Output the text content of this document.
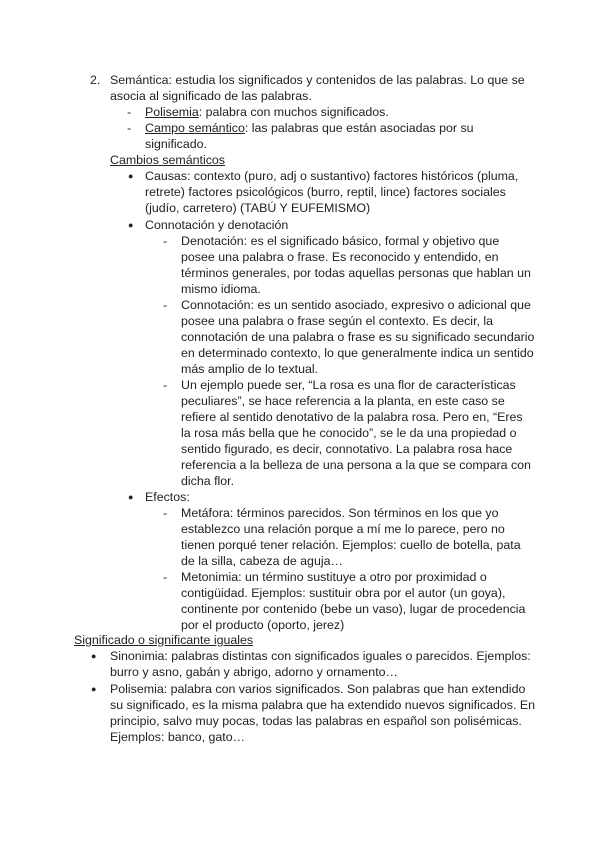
2. Semántica: estudia los significados y contenidos de las palabras. Lo que se
asocia al significado de las palabras.
- Polisemia: palabra con muchos significados.
- Campo semántico: las palabras que están asociadas por su
significado.
Cambios semánticos
● Causas: contexto (puro, adj o sustantivo) factores históricos (pluma,
retrete) factores psicológicos (burro, reptil, lince) factores sociales
(judío, carretero) (TABÚ Y EUFEMISMO)
● Connotación y denotación
- Denotación: es el significado básico, formal y objetivo que
posee una palabra o frase. Es reconocido y entendido, en
términos generales, por todas aquellas personas que hablan un
mismo idioma.
- Connotación: es un sentido asociado, expresivo o adicional que
posee una palabra o frase según el contexto. Es decir, la
connotación de una palabra o frase es su significado secundario
en determinado contexto, lo que generalmente indica un sentido
más amplio de lo textual.
- Un ejemplo puede ser, “La rosa es una flor de características
peculiares”, se hace referencia a la planta, en este caso se
refiere al sentido denotativo de la palabra rosa. Pero en, “Eres
la rosa más bella que he conocido”, se le da una propiedad o
sentido figurado, es decir, connotativo. La palabra rosa hace
referencia a la belleza de una persona a la que se compara con
dicha flor.
● Efectos:
- Metáfora: términos parecidos. Son términos en los que yo
establezco una relación porque a mí me lo parece, pero no
tienen porqué tener relación. Ejemplos: cuello de botella, pata
de la silla, cabeza de aguja…
- Metonimia: un término sustituye a otro por proximidad o
contigüidad. Ejemplos: sustituir obra por el autor (un goya),
continente por contenido (bebe un vaso), lugar de procedencia
por el producto (oporto, jerez)
Significado o significante iguales
● Sinonimia: palabras distintas con significados iguales o parecidos. Ejemplos:
burro y asno, gabán y abrigo, adorno y ornamento…
● Polisemia: palabra con varios significados. Son palabras que han extendido
su significado, es la misma palabra que ha extendido nuevos significados. En
principio, salvo muy pocas, todas las palabras en español son polisémicas.
Ejemplos: banco, gato…
